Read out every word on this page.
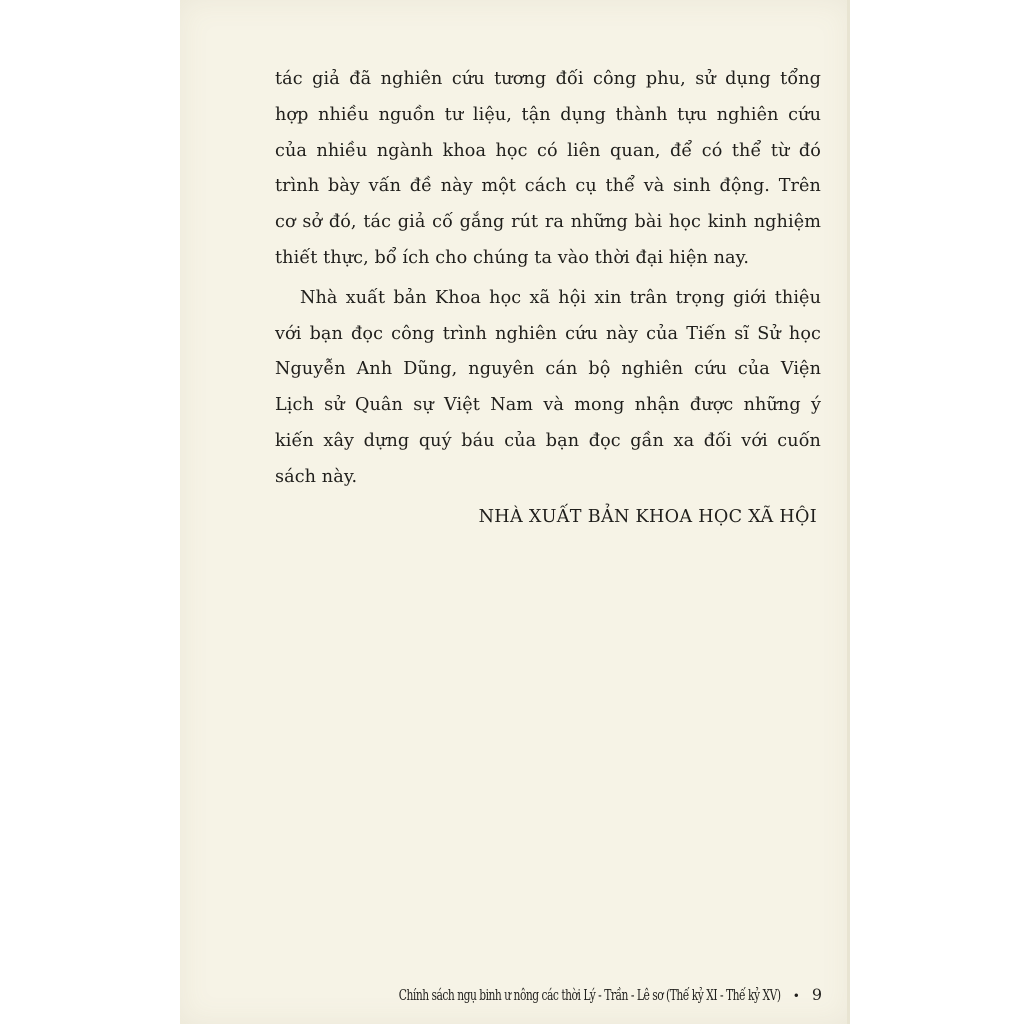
tác giả đã nghiên cứu tương đối công phu, sử dụng tổng
hợp nhiều nguồn tư liệu, tận dụng thành tựu nghiên cứu
của nhiều ngành khoa học có liên quan, để có thể từ đó
trình bày vấn đề này một cách cụ thể và sinh động. Trên
cơ sở đó, tác giả cố gắng rút ra những bài học kinh nghiệm
thiết thực, bổ ích cho chúng ta vào thời đại hiện nay.

Nhà xuất bản Khoa học xã hội xin trân trọng giới thiệu
với bạn đọc công trình nghiên cứu này của Tiến sĩ Sử học
Nguyễn Anh Dũng, nguyên cán bộ nghiên cứu của Viện
Lịch sử Quân sự Việt Nam và mong nhận được những ý
kiến xây dựng quý báu của bạn đọc gần xa đối với cuốn
sách này.

NHÀ XUẤT BẢN KHOA HỌC XÃ HỘI
Chính sách ngụ binh ư nông các thời Lý - Trần - Lê sơ (Thế kỷ XI - Thế kỷ XV) • 9
